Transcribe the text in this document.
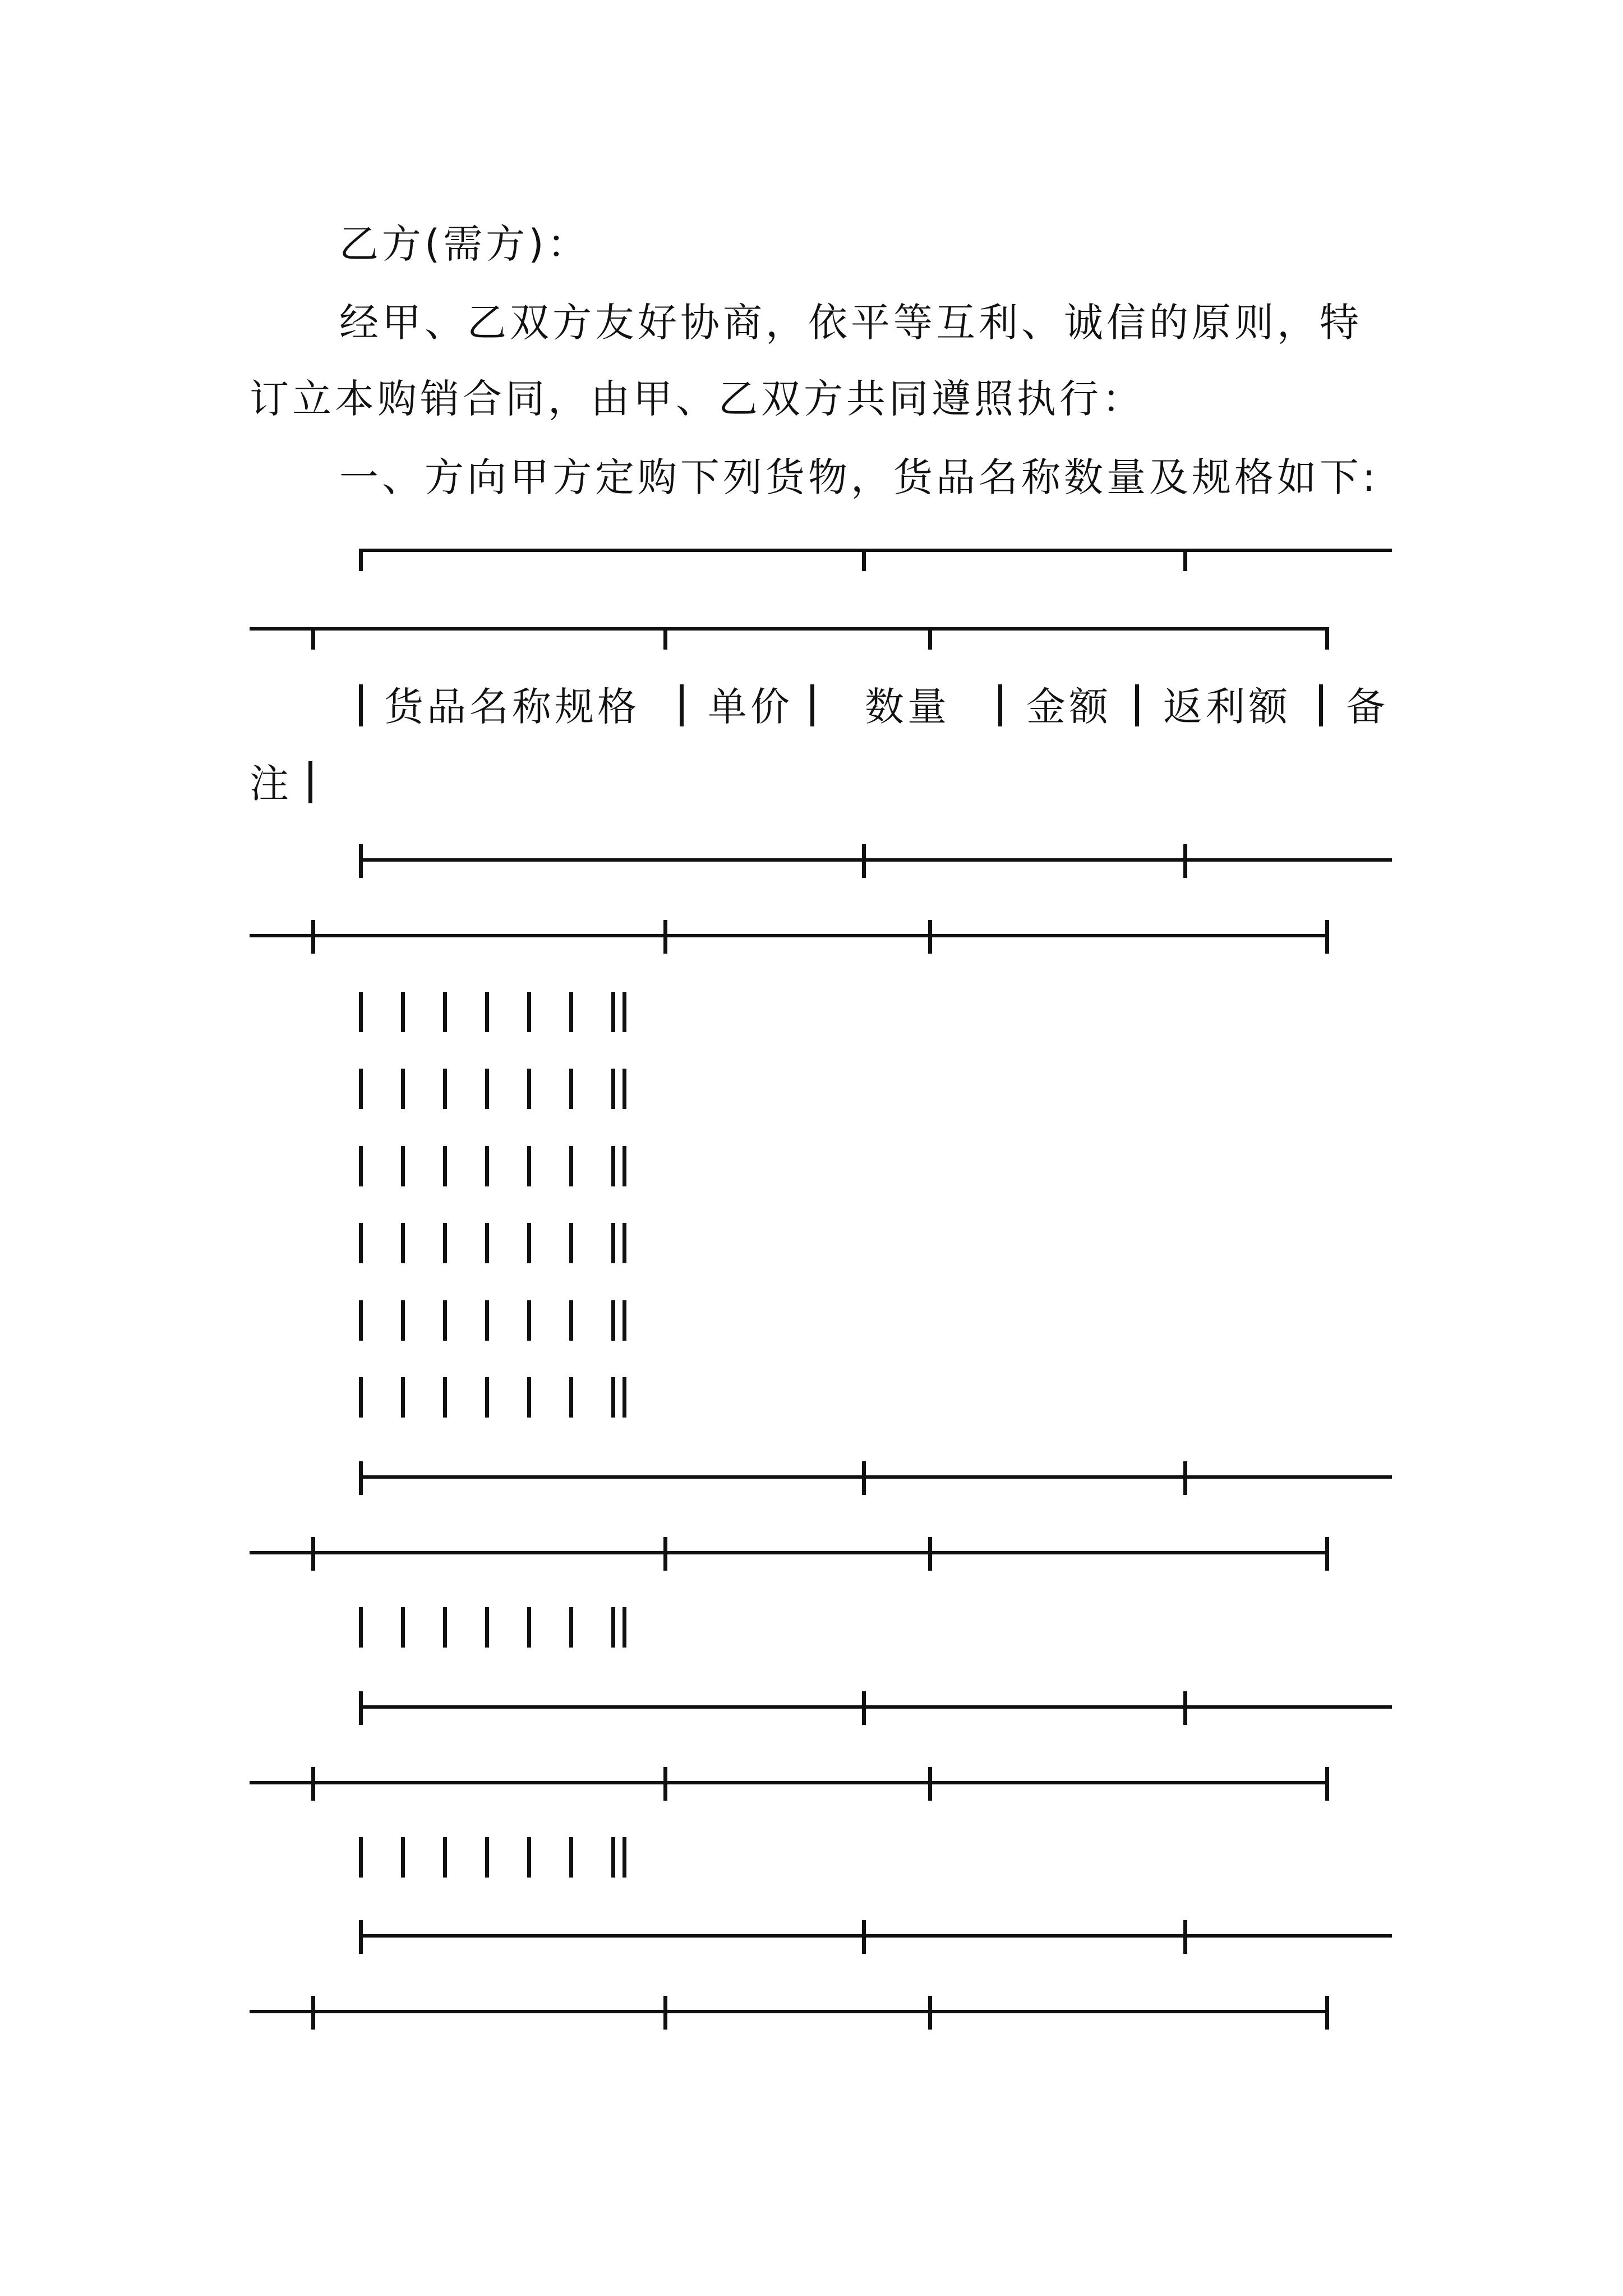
乙方(需方)：
经甲、乙双方友好协商，依平等互利、诚信的原则，特
订立本购销合同，由甲、乙双方共同遵照执行：
一、方向甲方定购下列货物，货品名称数量及规格如下:
货品名称规格 单价 数量 金额 返利额 备
注
